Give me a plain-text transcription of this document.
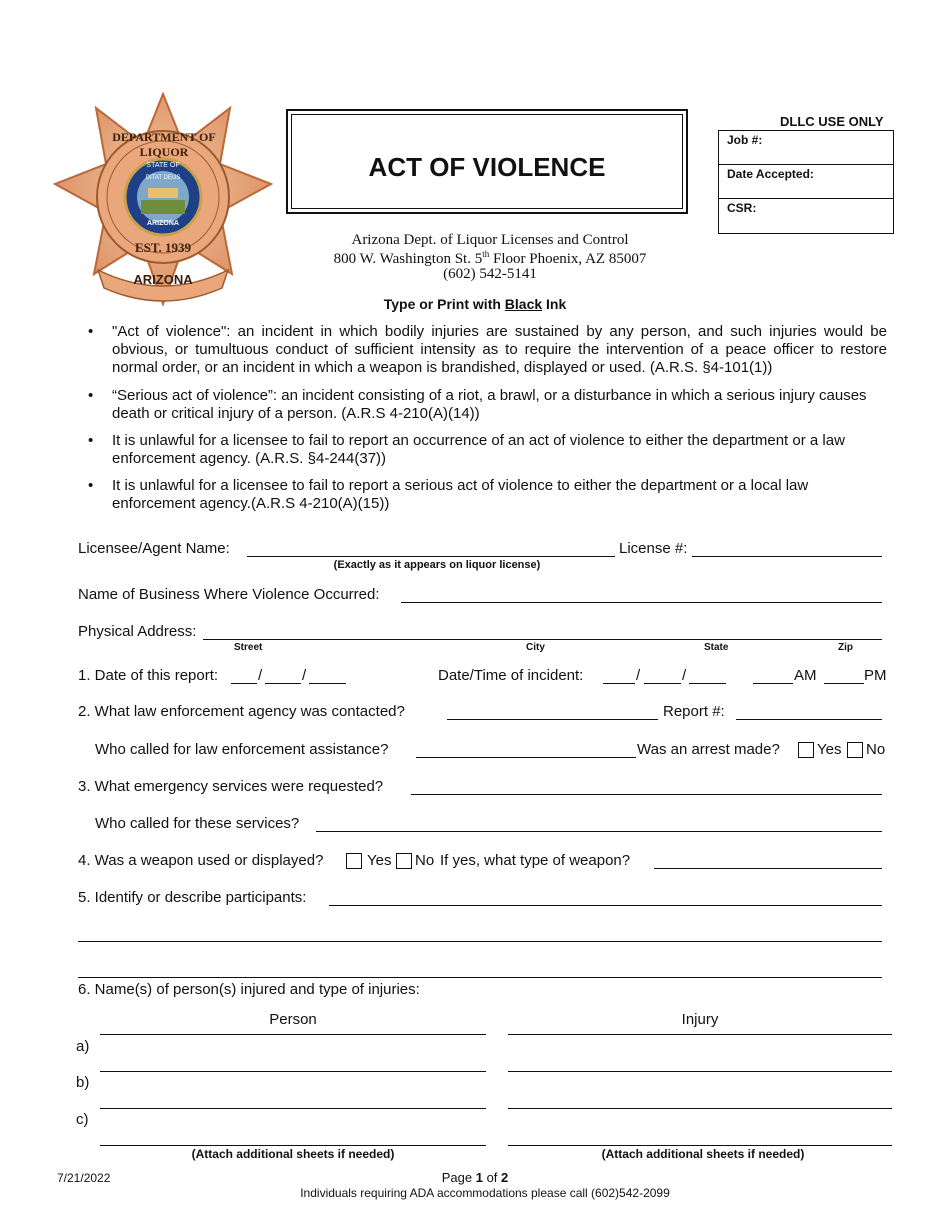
DEPARTMENT OF LIQUOR
STATE OF
DITAT DEUS
ARIZONA
EST. 1939
ARIZONA
ACT OF VIOLENCE
DLLC USE ONLY
Job #:
Date Accepted:
CSR:
Arizona Dept. of Liquor Licenses and Control
800 W. Washington St. 5th Floor Phoenix, AZ 85007
(602) 542-5141
Type or Print with Black Ink
• "Act of violence": an incident in which bodily injuries are sustained by any person, and such injuries would be obvious, or tumultuous conduct of sufficient intensity as to require the intervention of a peace officer to restore normal order, or an incident in which a weapon is brandished, displayed or used. (A.R.S. §4-101(1))
• “Serious act of violence”: an incident consisting of a riot, a brawl, or a disturbance in which a serious injury causes death or critical injury of a person. (A.R.S 4-210(A)(14))
• It is unlawful for a licensee to fail to report an occurrence of an act of violence to either the department or a law enforcement agency. (A.R.S. §4-244(37))
• It is unlawful for a licensee to fail to report a serious act of violence to either the department or a local law enforcement agency.(A.R.S 4-210(A)(15))
Licensee/Agent Name:
(Exactly as it appears on liquor license)
License #:
Name of Business Where Violence Occurred:
Physical Address:
Street	City	State	Zip
1. Date of this report:	/	/	Date/Time of incident:	/	/	AM	PM
2. What law enforcement agency was contacted?	Report #:
Who called for law enforcement assistance?	Was an arrest made? Yes No
3. What emergency services were requested?
Who called for these services?
4. Was a weapon used or displayed?	Yes No If yes, what type of weapon?
5. Identify or describe participants:
6. Name(s) of person(s) injured and type of injuries:
Person	Injury
a)
b)
c)
(Attach additional sheets if needed)	(Attach additional sheets if needed)
7/21/2022	Page 1 of 2
Individuals requiring ADA accommodations please call (602)542-2099
